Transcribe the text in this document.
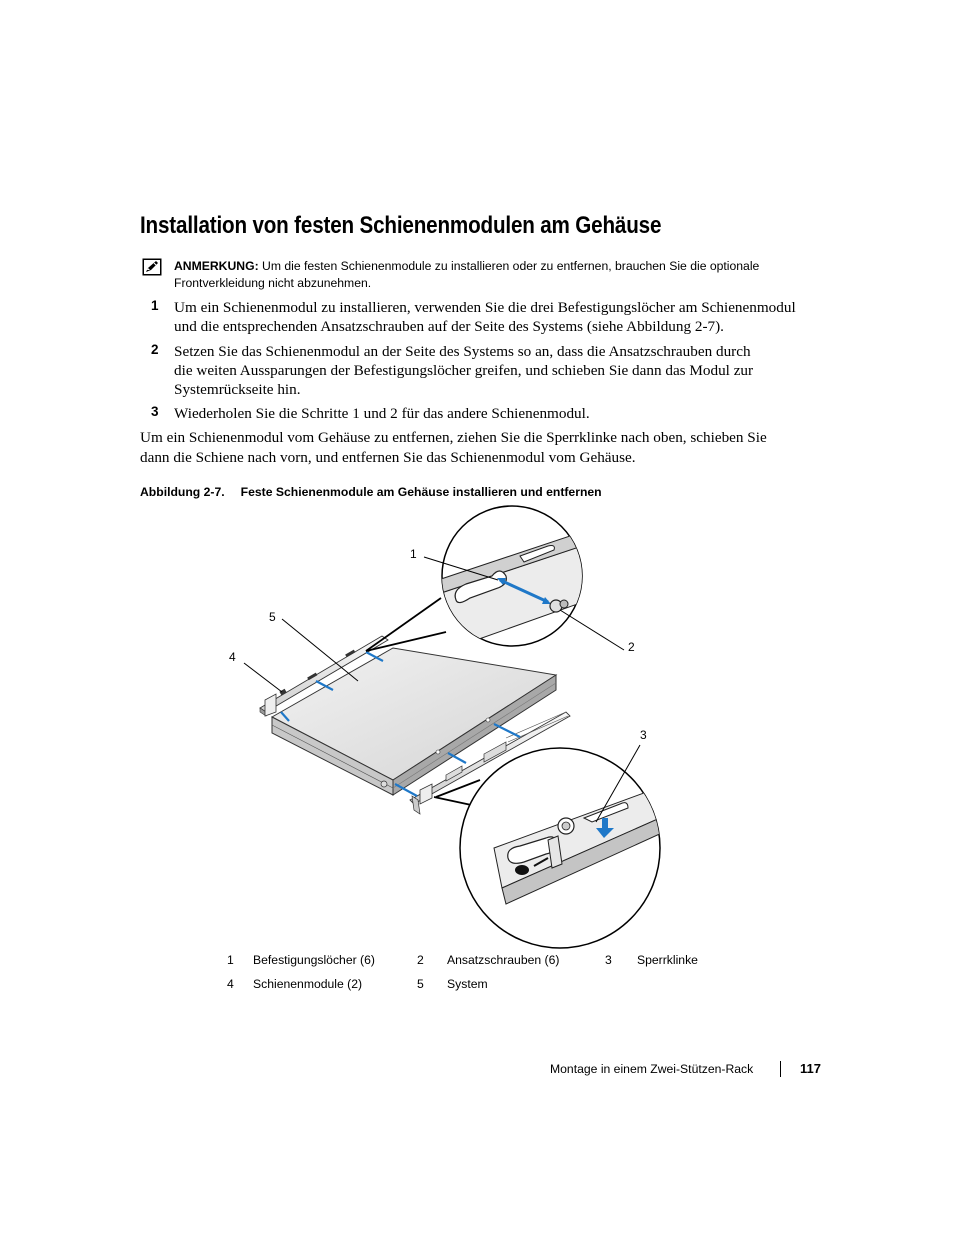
Installation von festen Schienenmodulen am Gehäuse
ANMERKUNG: Um die festen Schienenmodule zu installieren oder zu entfernen, brauchen Sie die optionale
Frontverkleidung nicht abzunehmen.
1 Um ein Schienenmodul zu installieren, verwenden Sie die drei Befestigungslöcher am Schienenmodul
und die entsprechenden Ansatzschrauben auf der Seite des Systems (siehe Abbildung 2-7).
2 Setzen Sie das Schienenmodul an der Seite des Systems so an, dass die Ansatzschrauben durch
die weiten Aussparungen der Befestigungslöcher greifen, und schieben Sie dann das Modul zur
Systemrückseite hin.
3 Wiederholen Sie die Schritte 1 und 2 für das andere Schienenmodul.
Um ein Schienenmodul vom Gehäuse zu entfernen, ziehen Sie die Sperrklinke nach oben, schieben Sie
dann die Schiene nach vorn, und entfernen Sie das Schienenmodul vom Gehäuse.
Abbildung 2-7. Feste Schienenmodule am Gehäuse installieren und entfernen
1
2
3
4
5
1 Befestigungslöcher (6)	2 Ansatzschrauben (6)	3 Sperrklinke
4 Schienenmodule (2)	5 System
Montage in einem Zwei-Stützen-Rack	117
